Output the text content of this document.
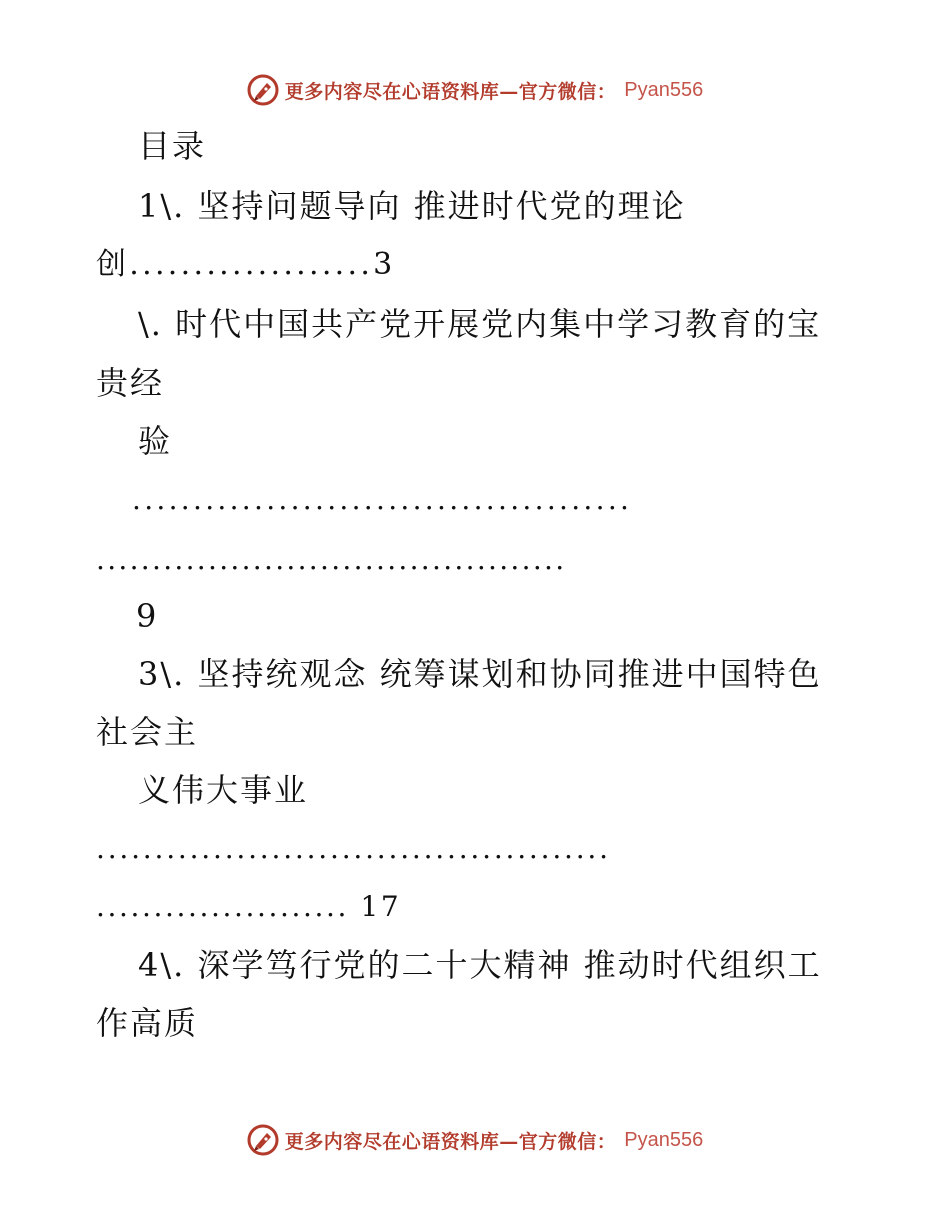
更多内容尽在心语资料库—官方微信： Pyan556
目录
1\. 坚持问题导向 推进时代党的理论
创...................3
\. 时代中国共产党开展党内集中学习教育的宝
贵经
验
.........................................
..........................................
9
3\. 坚持统观念 统筹谋划和协同推进中国特色
社会主
义伟大事业
............................................
...................... 17
4\. 深学笃行党的二十大精神 推动时代组织工
作高质
更多内容尽在心语资料库—官方微信： Pyan556
